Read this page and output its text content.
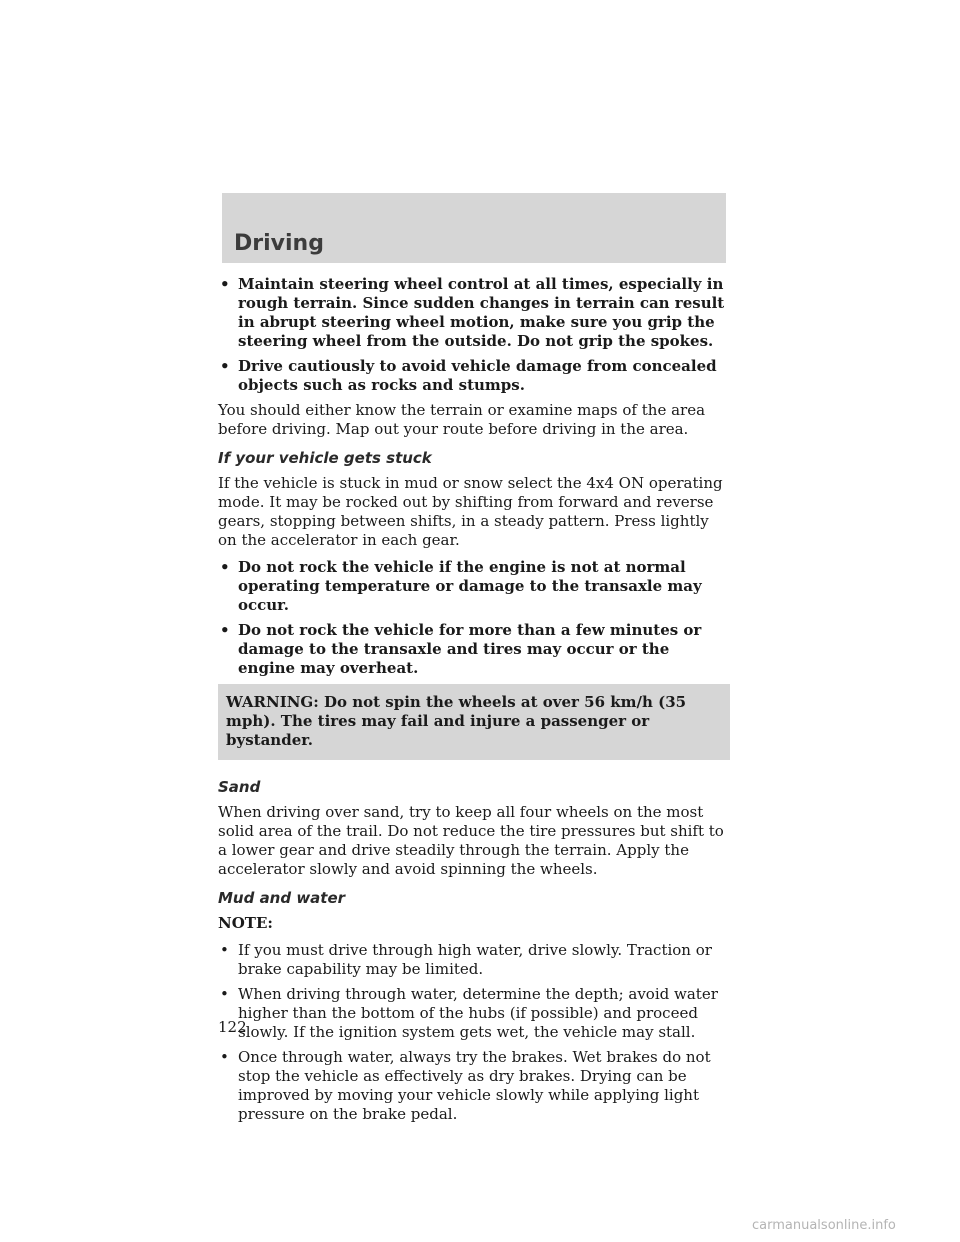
Driving
• Maintain steering wheel control at all times, especially in rough terrain. Since sudden changes in terrain can result in abrupt steering wheel motion, make sure you grip the steering wheel from the outside. Do not grip the spokes.
• Drive cautiously to avoid vehicle damage from concealed objects such as rocks and stumps.

You should either know the terrain or examine maps of the area before driving. Map out your route before driving in the area.

If your vehicle gets stuck

If the vehicle is stuck in mud or snow select the 4x4 ON operating mode. It may be rocked out by shifting from forward and reverse gears, stopping between shifts, in a steady pattern. Press lightly on the accelerator in each gear.

• Do not rock the vehicle if the engine is not at normal operating temperature or damage to the transaxle may occur.
• Do not rock the vehicle for more than a few minutes or damage to the transaxle and tires may occur or the engine may overheat.
WARNING: Do not spin the wheels at over 56 km/h (35 mph). The tires may fail and injure a passenger or bystander.
Sand

When driving over sand, try to keep all four wheels on the most solid area of the trail. Do not reduce the tire pressures but shift to a lower gear and drive steadily through the terrain. Apply the accelerator slowly and avoid spinning the wheels.

Mud and water

NOTE:

• If you must drive through high water, drive slowly. Traction or brake capability may be limited.
• When driving through water, determine the depth; avoid water higher than the bottom of the hubs (if possible) and proceed slowly. If the ignition system gets wet, the vehicle may stall.
• Once through water, always try the brakes. Wet brakes do not stop the vehicle as effectively as dry brakes. Drying can be improved by moving your vehicle slowly while applying light pressure on the brake pedal.

122

carmanualsonline.info
